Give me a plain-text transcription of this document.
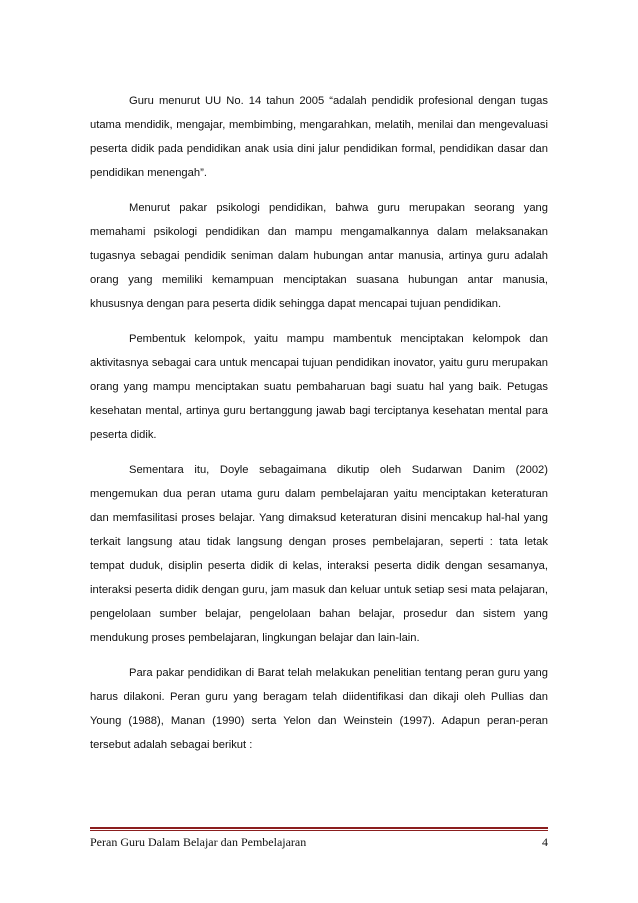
Guru menurut UU No. 14 tahun 2005 “adalah pendidik profesional dengan tugas utama mendidik, mengajar, membimbing, mengarahkan, melatih, menilai dan mengevaluasi peserta didik pada pendidikan anak usia dini jalur pendidikan formal, pendidikan dasar dan pendidikan menengah”.

Menurut pakar psikologi pendidikan, bahwa guru merupakan seorang yang memahami psikologi pendidikan dan mampu mengamalkannya dalam melaksanakan tugasnya sebagai pendidik seniman dalam hubungan antar manusia, artinya guru adalah orang yang memiliki kemampuan menciptakan suasana hubungan antar manusia, khususnya dengan para peserta didik sehingga dapat mencapai tujuan pendidikan.

Pembentuk kelompok, yaitu mampu mambentuk menciptakan kelompok dan aktivitasnya sebagai cara untuk mencapai tujuan pendidikan inovator, yaitu guru merupakan orang yang mampu menciptakan suatu pembaharuan bagi suatu hal yang baik. Petugas kesehatan mental, artinya guru bertanggung jawab bagi terciptanya kesehatan mental para peserta didik.

Sementara itu, Doyle sebagaimana dikutip oleh Sudarwan Danim (2002) mengemukan dua peran utama guru dalam pembelajaran yaitu menciptakan keteraturan dan memfasilitasi proses belajar. Yang dimaksud keteraturan disini mencakup hal-hal yang terkait langsung atau tidak langsung dengan proses pembelajaran, seperti : tata letak tempat duduk, disiplin peserta didik di kelas, interaksi peserta didik dengan sesamanya, interaksi peserta didik dengan guru, jam masuk dan keluar untuk setiap sesi mata pelajaran, pengelolaan sumber belajar, pengelolaan bahan belajar, prosedur dan sistem yang mendukung proses pembelajaran, lingkungan belajar dan lain-lain.

Para pakar pendidikan di Barat telah melakukan penelitian tentang peran guru yang harus dilakoni. Peran guru yang beragam telah diidentifikasi dan dikaji oleh Pullias dan Young (1988), Manan (1990) serta Yelon dan Weinstein (1997). Adapun peran-peran tersebut adalah sebagai berikut :

Peran Guru Dalam Belajar dan Pembelajaran	4
